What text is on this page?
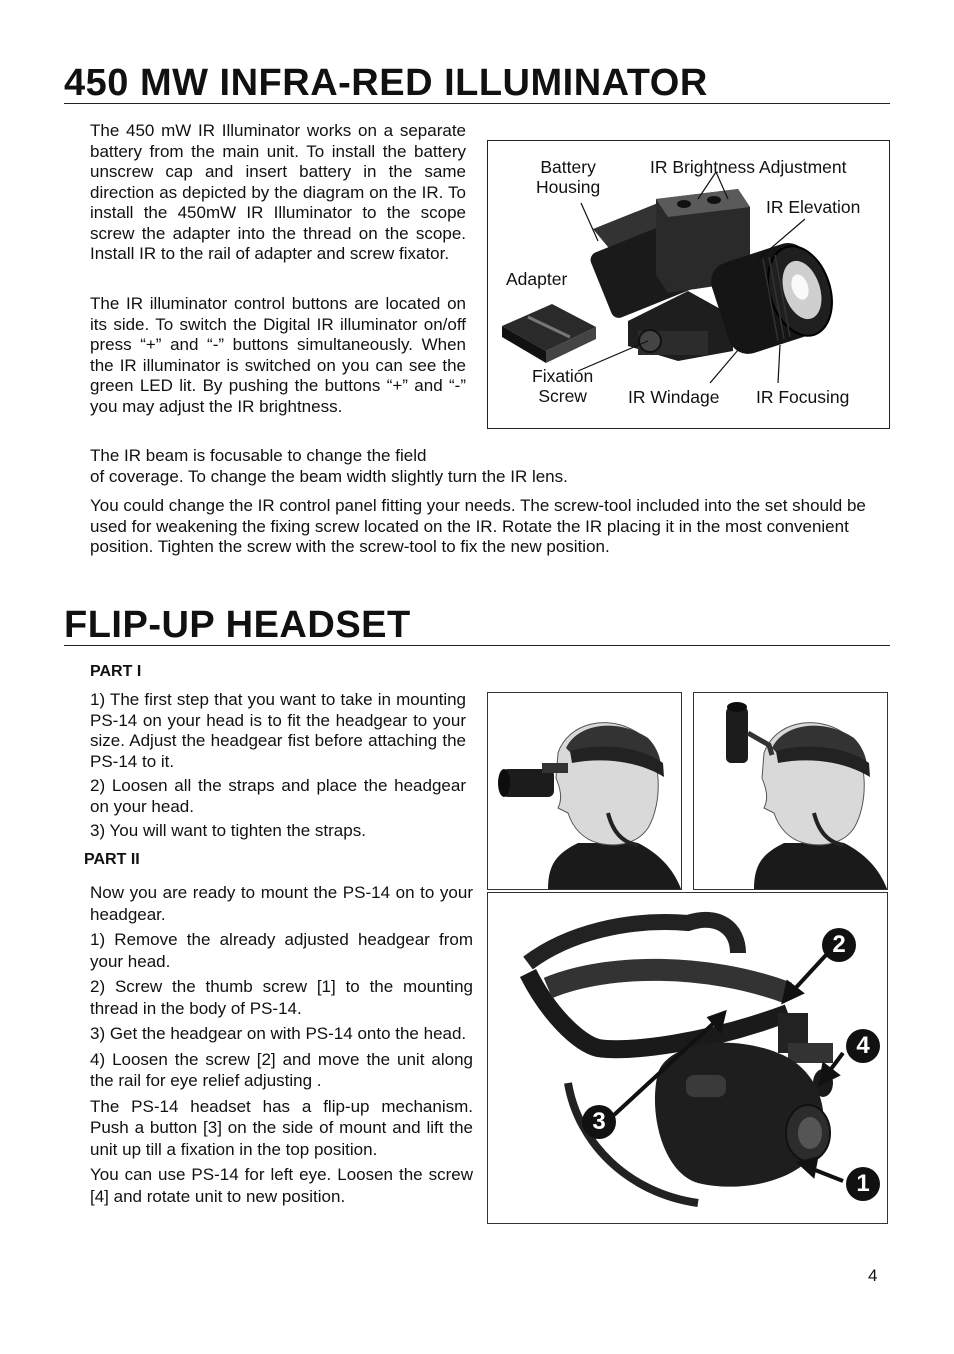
450 MW INFRA-RED ILLUMINATOR
The 450 mW IR Illuminator works on a separate battery from the main unit. To install the battery unscrew cap and insert battery in the same direction as depicted by the diagram on the IR. To install the 450mW IR Illuminator to the scope screw the adapter into the thread on the scope. Install IR to the rail of adapter and screw fixator.
The IR illuminator control buttons are located on its side. To switch the Digital IR illuminator on/off press “+” and “-” buttons simultaneously. When the IR illuminator is switched on you can see the green LED lit. By pushing the buttons “+” and “-” you may adjust the IR brightness.
The IR beam is focusable to change the field
of coverage. To change the beam width slightly turn the IR lens.
You could change the IR control panel fitting your needs. The screw-tool included into the set should be used for weakening the fixing screw located on the IR. Rotate the IR placing it in the most convenient position. Tighten the screw with the screw-tool to fix the new position.
Battery
Housing
IR Brightness Adjustment
IR Elevation
Adapter
Fixation
Screw	IR Windage IR Focusing
FLIP-UP HEADSET
PART I

1) The first step that you want to take in mounting PS-14 on your head is to fit the headgear to your size. Adjust the headgear fist before attaching the PS-14 to it.

2) Loosen all the straps and place the headgear on your head.

3) You will want to tighten the straps.

PART II

Now you are ready to mount the PS-14 on to your headgear.

1) Remove the already adjusted headgear from your head.

2) Screw the thumb screw [1] to the mounting thread in the body of PS-14.

3) Get the headgear on with PS-14 onto the head.

4) Loosen the screw [2] and move the unit along the rail for eye relief adjusting .

The PS-14 headset has a flip-up mechanism. Push a button [3] on the side of mount and lift the unit up till a fixation in the top position.

You can use PS-14 for left eye. Loosen the screw [4] and rotate unit to new position.

2
4
3
1
4
